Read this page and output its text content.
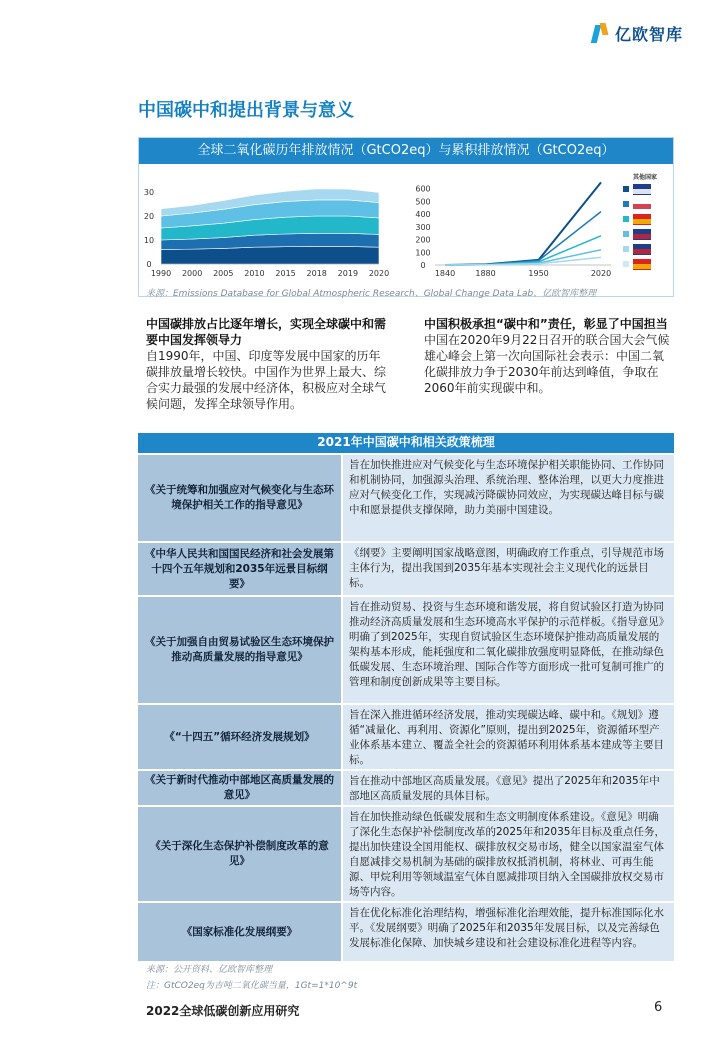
亿欧智库
中国碳中和提出背景与意义
全球二氧化碳历年排放情况（GtCO2eq）与累积排放情况（GtCO2eq）
0
10
20
30
1990 2000 2005 2010 2015 2018 2019 2020
0
100
200
300
400
500
600
1840	1880	1950	2020
其他国家
来源：Emissions Database for Global Atmospheric Research、Global Change Data Lab、亿欧智库整理
中国碳排放占比逐年增长，实现全球碳中和需要中国发挥领导力
自1990年，中国、印度等发展中国家的历年碳排放量增长较快。中国作为世界上最大、综合实力最强的发展中经济体，积极应对全球气候问题，发挥全球领导作用。
中国积极承担“碳中和”责任，彰显了中国担当
中国在2020年9月22日召开的联合国大会气候雄心峰会上第一次向国际社会表示：中国二氧化碳排放力争于2030年前达到峰值，争取在2060年前实现碳中和。
2021年中国碳中和相关政策梳理
《关于统筹和加强应对气候变化与生态环境保护相关工作的指导意见》
旨在加快推进应对气候变化与生态环境保护相关职能协同、工作协同和机制协同，加强源头治理、系统治理、整体治理，以更大力度推进应对气候变化工作，实现减污降碳协同效应，为实现碳达峰目标与碳中和愿景提供支撑保障，助力美丽中国建设。
《中华人民共和国国民经济和社会发展第十四个五年规划和2035年远景目标纲要》
《纲要》主要阐明国家战略意图，明确政府工作重点，引导规范市场主体行为，提出我国到2035年基本实现社会主义现代化的远景目标。
《关于加强自由贸易试验区生态环境保护推动高质量发展的指导意见》
旨在推动贸易、投资与生态环境和谐发展，将自贸试验区打造为协同推动经济高质量发展和生态环境高水平保护的示范样板。《指导意见》明确了到2025年，实现自贸试验区生态环境保护推动高质量发展的架构基本形成，能耗强度和二氧化碳排放强度明显降低，在推动绿色低碳发展、生态环境治理、国际合作等方面形成一批可复制可推广的管理和制度创新成果等主要目标。
《“十四五”循环经济发展规划》
旨在深入推进循环经济发展，推动实现碳达峰、碳中和。《规划》遵循“减量化、再利用、资源化”原则，提出到2025年，资源循环型产业体系基本建立、覆盖全社会的资源循环利用体系基本建成等主要目标。
《关于新时代推动中部地区高质量发展的意见》
旨在推动中部地区高质量发展。《意见》提出了2025年和2035年中部地区高质量发展的具体目标。
《关于深化生态保护补偿制度改革的意见》
旨在加快推动绿色低碳发展和生态文明制度体系建设。《意见》明确了深化生态保护补偿制度改革的2025年和2035年目标及重点任务，提出加快建设全国用能权、碳排放权交易市场，健全以国家温室气体自愿减排交易机制为基础的碳排放权抵消机制，将林业、可再生能源、甲烷利用等领域温室气体自愿减排项目纳入全国碳排放权交易市场等内容。
《国家标准化发展纲要》
旨在优化标准化治理结构，增强标准化治理效能，提升标准国际化水平。《发展纲要》明确了2025年和2035年发展目标，以及完善绿色发展标准化保障、加快城乡建设和社会建设标准化进程等内容。
来源：公开资料、亿欧智库整理
注：GtCO2eq为吉吨二氧化碳当量，1Gt=1*10^9t
2022全球低碳创新应用研究	6
